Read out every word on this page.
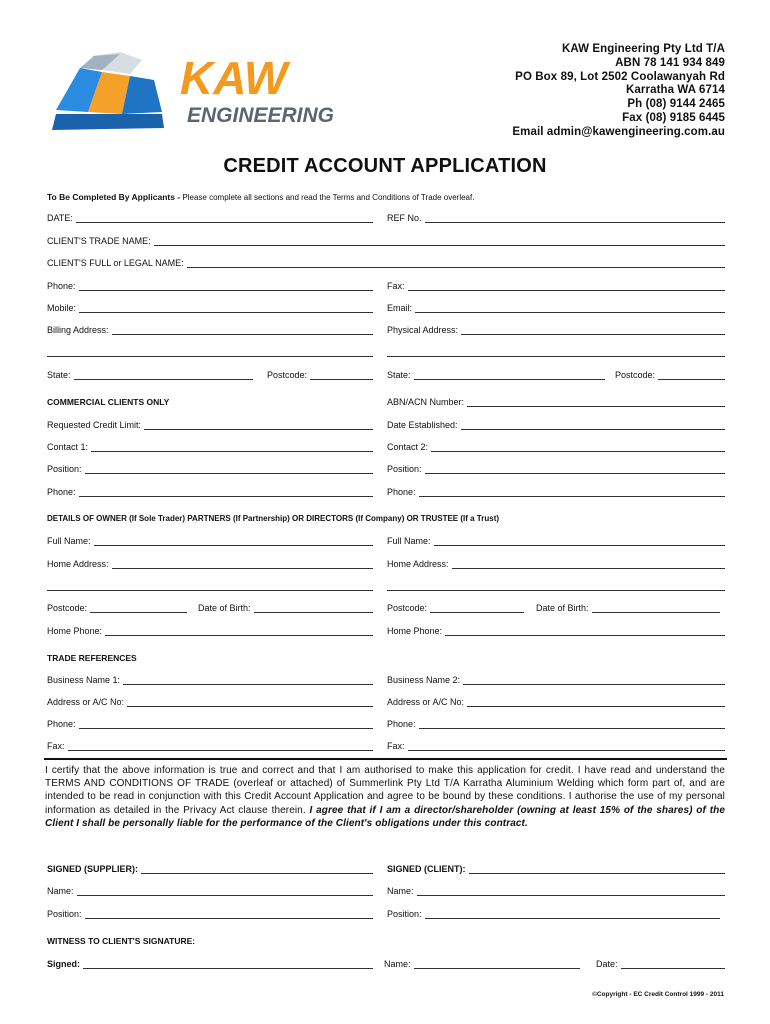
KAW
ENGINEERING
KAW Engineering Pty Ltd T/A
ABN 78 141 934 849
PO Box 89, Lot 2502 Coolawanyah Rd
Karratha WA 6714
Ph (08) 9144 2465
Fax (08) 9185 6445
Email admin@kawengineering.com.au
CREDIT ACCOUNT APPLICATION
To Be Completed By Applicants - Please complete all sections and read the Terms and Conditions of Trade overleaf.
DATE:	REF No.
CLIENT'S TRADE NAME:
CLIENT'S FULL or LEGAL NAME:
Phone:	Fax:
Mobile:	Email:
Billing Address:	Physical Address:
State:	Postcode:	State:	Postcode:
COMMERCIAL CLIENTS ONLY	ABN/ACN Number:
Requested Credit Limit:	Date Established:
Contact 1:	Contact 2:
Position:	Position:
Phone:	Phone:
DETAILS OF OWNER (If Sole Trader) PARTNERS (If Partnership) OR DIRECTORS (If Company) OR TRUSTEE (If a Trust)
Full Name:	Full Name:
Home Address:	Home Address:
Postcode:	Date of Birth:	Postcode:	Date of Birth:
Home Phone:	Home Phone:
TRADE REFERENCES
Business Name 1:	Business Name 2:
Address or A/C No:	Address or A/C No:
Phone:	Phone:
Fax:	Fax:
I certify that the above information is true and correct and that I am authorised to make this application for credit. I have read and understand the TERMS AND CONDITIONS OF TRADE (overleaf or attached) of Summerlink Pty Ltd T/A Karratha Aluminium Welding which form part of, and are intended to be read in conjunction with this Credit Account Application and agree to be bound by these conditions. I authorise the use of my personal information as detailed in the Privacy Act clause therein. I agree that if I am a director/shareholder (owning at least 15% of the shares) of the Client I shall be personally liable for the performance of the Client's obligations under this contract.
SIGNED (SUPPLIER):	SIGNED (CLIENT):
Name:	Name:
Position:	Position:
WITNESS TO CLIENT'S SIGNATURE:
Signed:	Name:	Date:
©Copyright - EC Credit Control 1999 - 2011
